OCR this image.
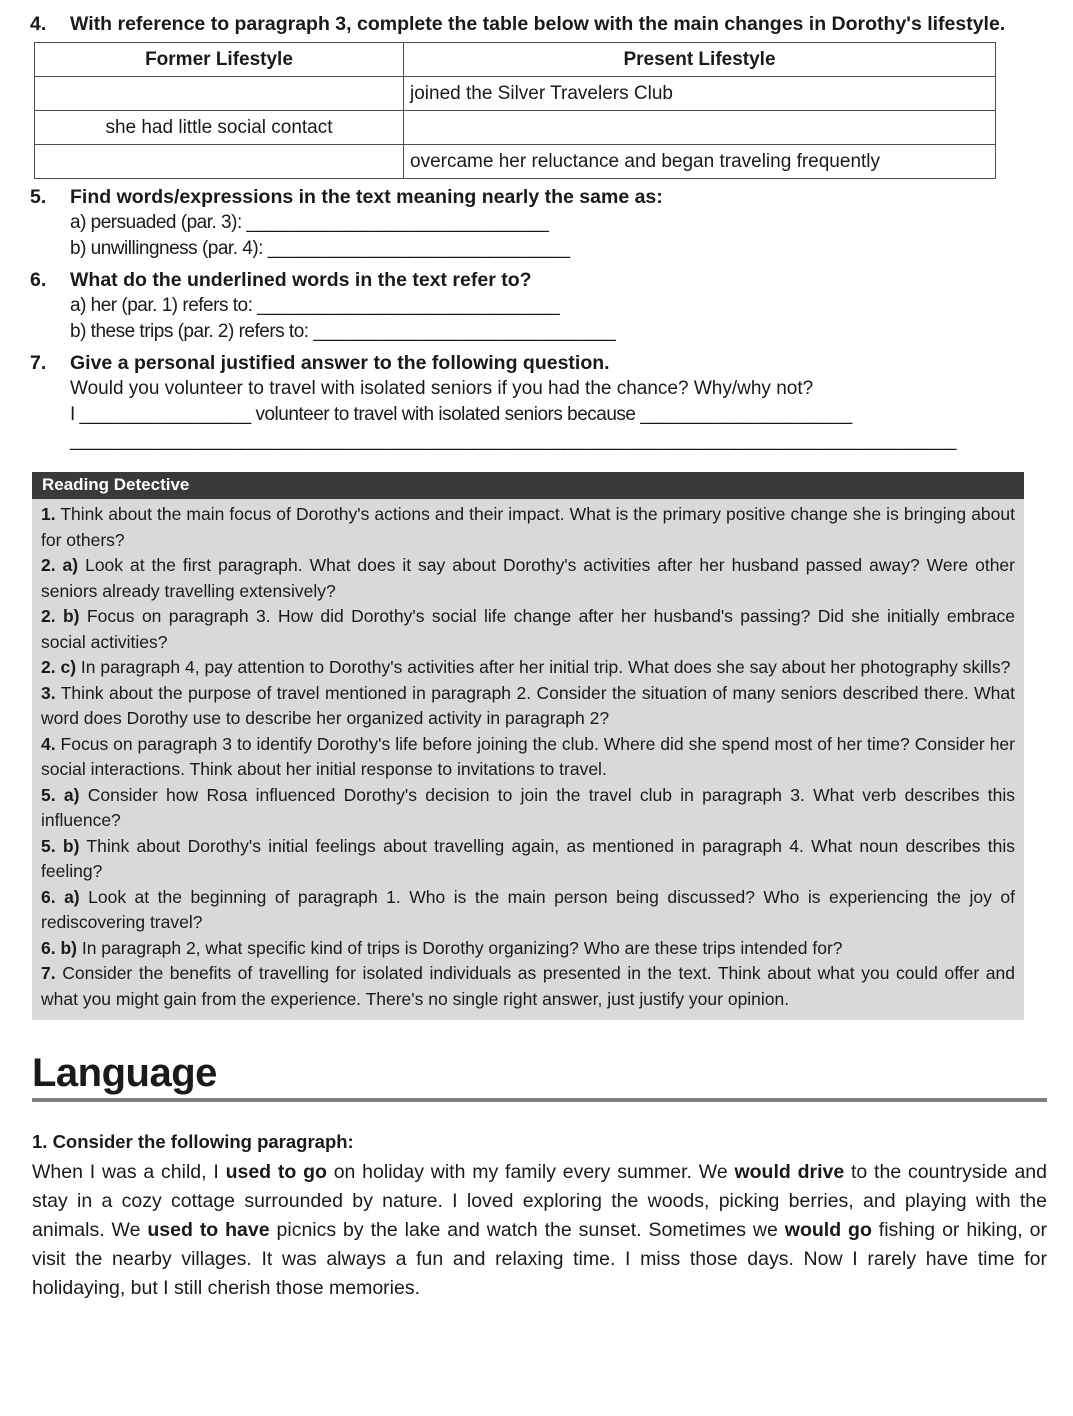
4.	With reference to paragraph 3, complete the table below with the main changes in Dorothy's lifestyle.
Former Lifestyle	Present Lifestyle
	joined the Silver Travelers Club
she had little social contact	
	overcame her reluctance and began traveling frequently
5.	Find words/expressions in the text meaning nearly the same as:
a) persuaded (par. 3): ______________________________
b) unwillingness (par. 4): ______________________________
6.	What do the underlined words in the text refer to?
a) her (par. 1) refers to: ______________________________
b) these trips (par. 2) refers to: ______________________________
7.	Give a personal justified answer to the following question.
Would you volunteer to travel with isolated seniors if you had the chance? Why/why not?
I _________________ volunteer to travel with isolated seniors because _____________________
________________________________________________________________________________________
Reading Detective

1. Think about the main focus of Dorothy's actions and their impact. What is the primary positive change she is bringing about for others?

2. a) Look at the first paragraph. What does it say about Dorothy's activities after her husband passed away? Were other seniors already travelling extensively?

2. b) Focus on paragraph 3. How did Dorothy's social life change after her husband's passing? Did she initially embrace social activities?

2. c) In paragraph 4, pay attention to Dorothy's activities after her initial trip. What does she say about her photography skills?

3. Think about the purpose of travel mentioned in paragraph 2. Consider the situation of many seniors described there. What word does Dorothy use to describe her organized activity in paragraph 2?

4. Focus on paragraph 3 to identify Dorothy's life before joining the club. Where did she spend most of her time? Consider her social interactions. Think about her initial response to invitations to travel.

5. a) Consider how Rosa influenced Dorothy's decision to join the travel club in paragraph 3. What verb describes this influence?

5. b) Think about Dorothy's initial feelings about travelling again, as mentioned in paragraph 4. What noun describes this feeling?

6. a) Look at the beginning of paragraph 1. Who is the main person being discussed? Who is experiencing the joy of rediscovering travel?

6. b) In paragraph 2, what specific kind of trips is Dorothy organizing? Who are these trips intended for?

7. Consider the benefits of travelling for isolated individuals as presented in the text. Think about what you could offer and what you might gain from the experience. There's no single right answer, just justify your opinion.

Language
1. Consider the following paragraph:
When I was a child, I used to go on holiday with my family every summer. We would drive to the countryside and stay in a cozy cottage surrounded by nature. I loved exploring the woods, picking berries, and playing with the animals. We used to have picnics by the lake and watch the sunset. Sometimes we would go fishing or hiking, or visit the nearby villages. It was always a fun and relaxing time. I miss those days. Now I rarely have time for holidaying, but I still cherish those memories.
